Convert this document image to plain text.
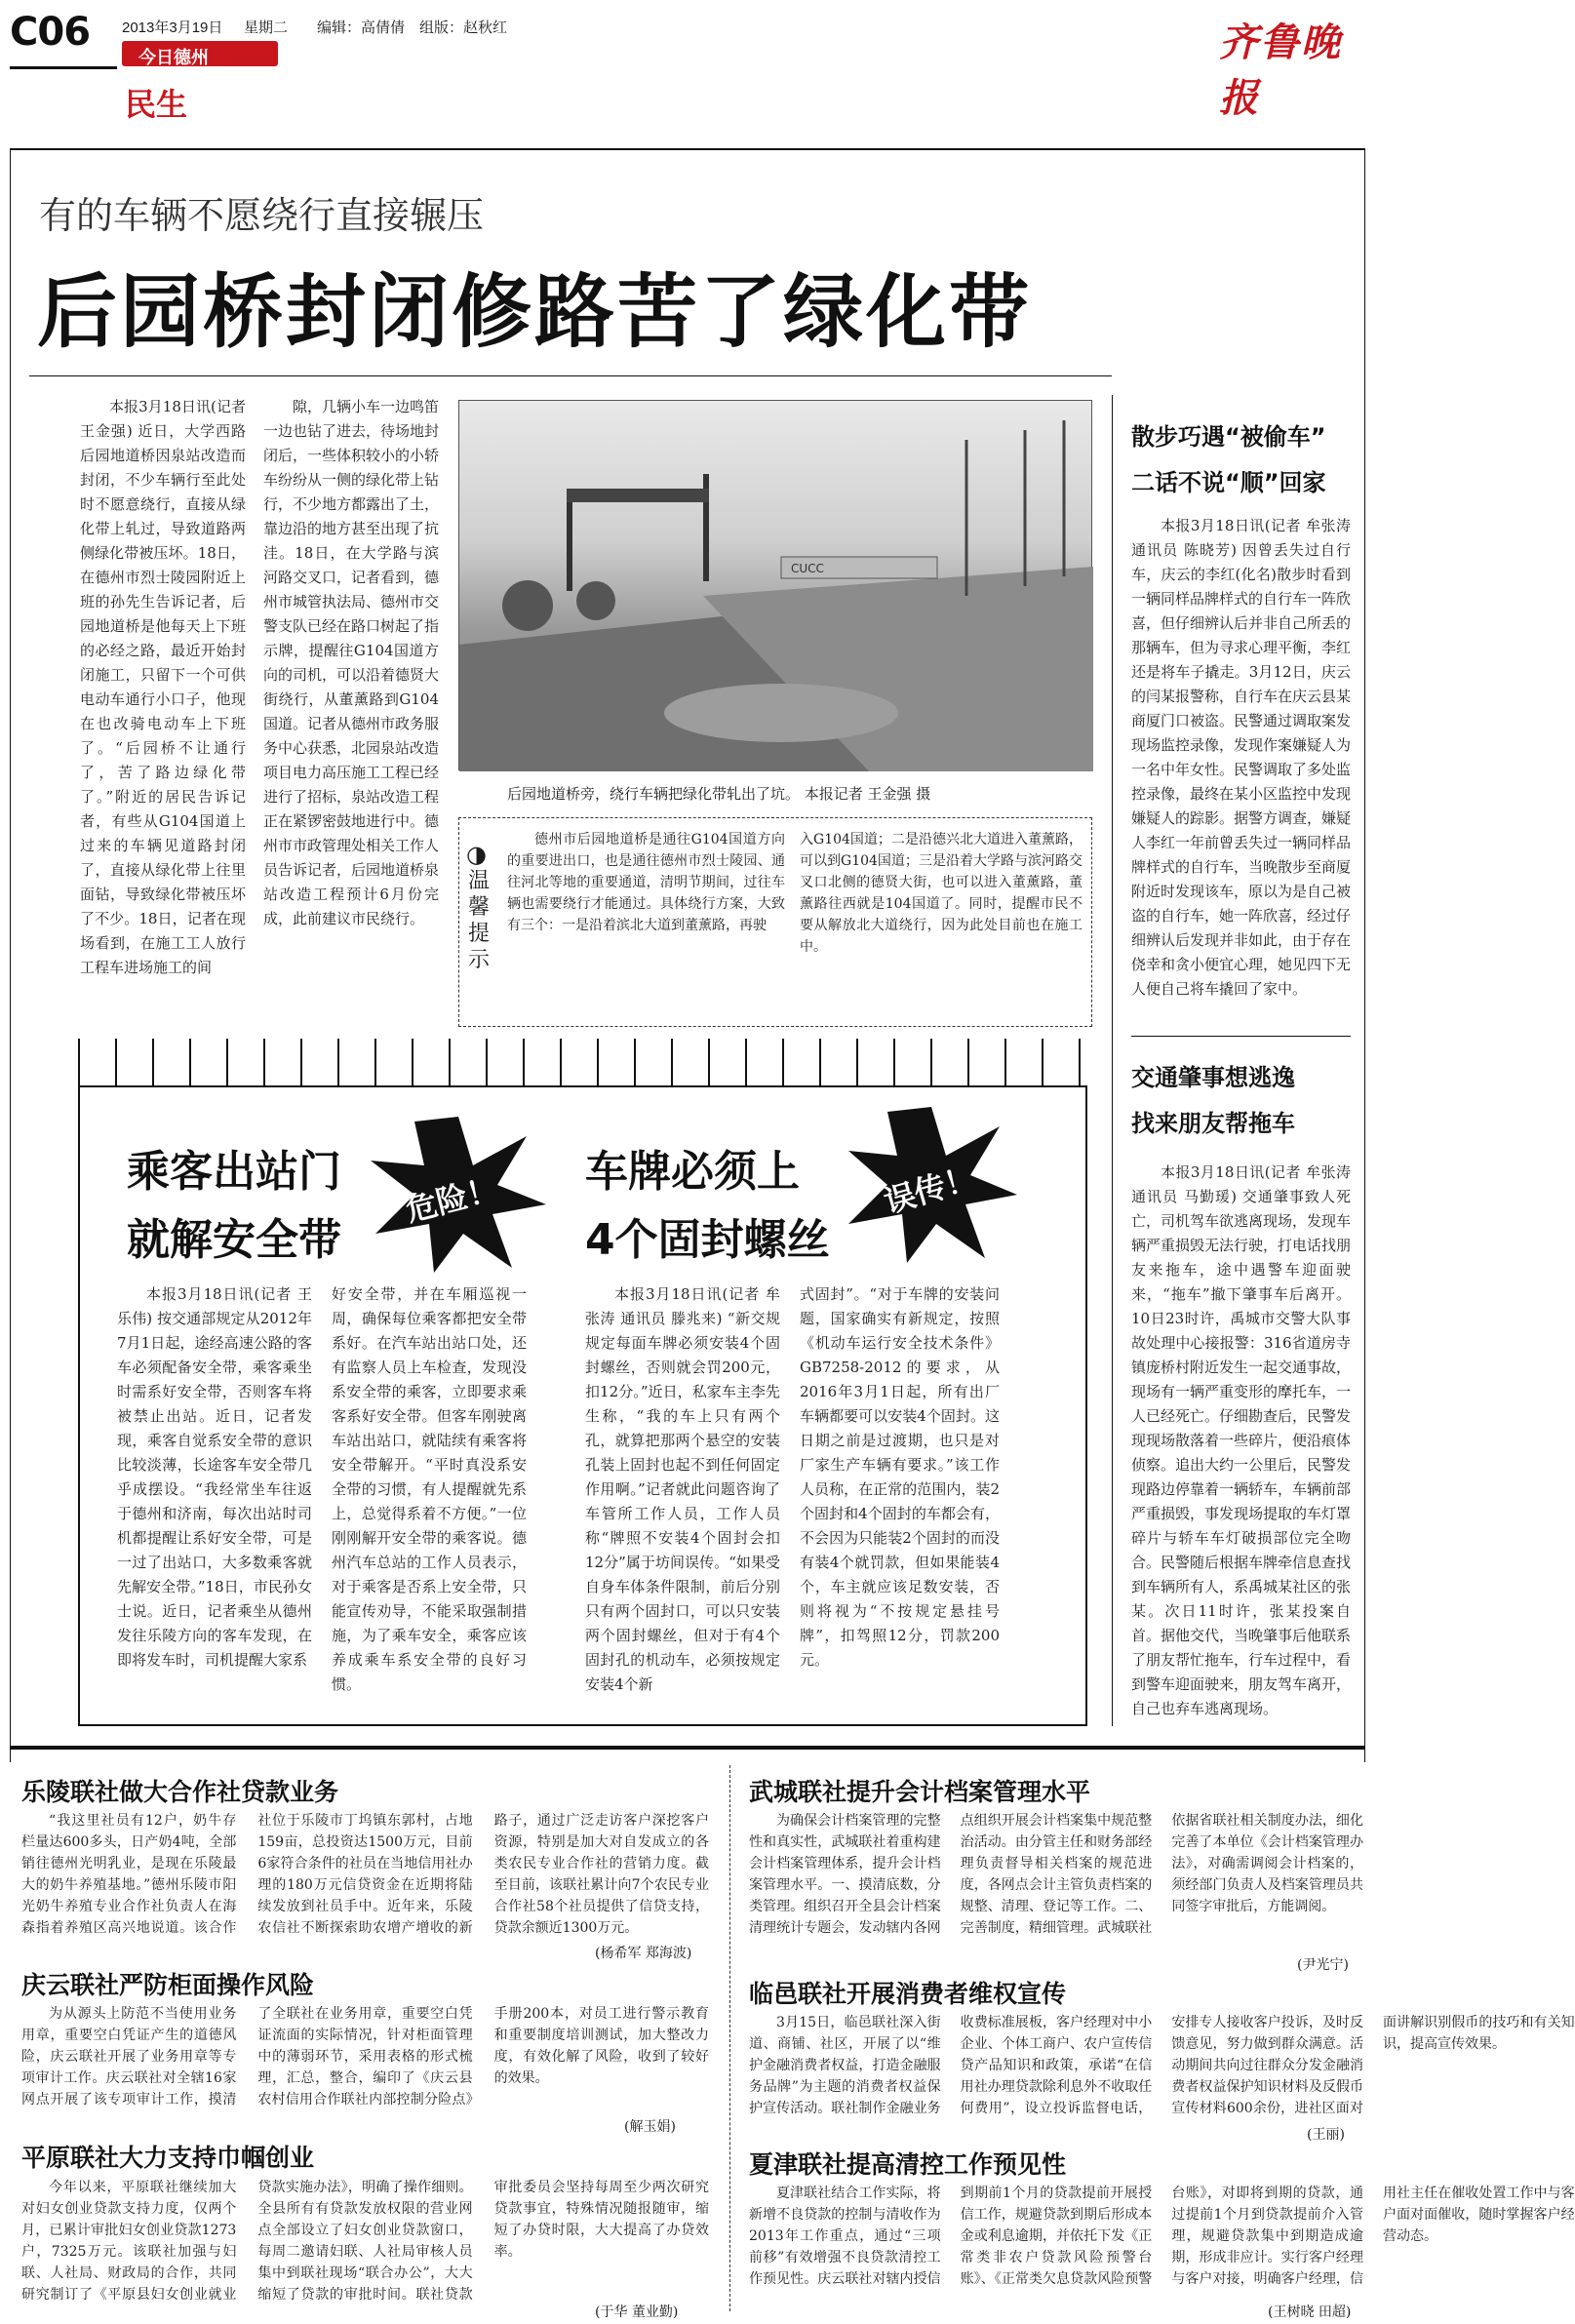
C06 2013年3月19日 星期二 编辑：高倩倩 组版：赵秋红
今日德州
民生
齐鲁晚报
有的车辆不愿绕行直接辗压
后园桥封闭修路苦了绿化带

本报3月18日讯(记者 王金强) 近日，大学西路后园地道桥因泉站改造而封闭，不少车辆行至此处时不愿意绕行，直接从绿化带上轧过，导致道路两侧绿化带被压坏。18日，在德州市烈士陵园附近上班的孙先生告诉记者，后园地道桥是他每天上下班的必经之路，最近开始封闭施工，只留下一个可供电动车通行小口子，他现在也改骑电动车上下班了。“后园桥不让通行了，苦了路边绿化带了。”附近的居民告诉记者，有些从G104国道上过来的车辆见道路封闭了，直接从绿化带上往里面钻，导致绿化带被压坏了不少。18日，记者在现场看到，在施工工人放行工程车进场施工的间

隙，几辆小车一边鸣笛一边也钻了进去，待场地封闭后，一些体积较小的小轿车纷纷从一侧的绿化带上钻行，不少地方都露出了土，靠边沿的地方甚至出现了抗洼。18日，在大学路与滨河路交叉口，记者看到，德州市城管执法局、德州市交警支队已经在路口树起了指示牌，提醒往G104国道方向的司机，可以沿着德贤大街绕行，从董薰路到G104国道。记者从德州市政务服务中心获悉，北园泉站改造项目电力高压施工工程已经进行了招标，泉站改造工程正在紧锣密鼓地进行中。德州市市政管理处相关工作人员告诉记者，后园地道桥泉站改造工程预计6月份完成，此前建议市民绕行。

CUCC
后园地道桥旁，绕行车辆把绿化带轧出了坑。 本报记者 王金强 摄
◑
温馨提示

德州市后园地道桥是通往G104国道方向的重要进出口，也是通往德州市烈士陵园、通往河北等地的重要通道，清明节期间，过往车辆也需要绕行才能通过。具体绕行方案，大致有三个：一是沿着滨北大道到董薰路，再驶

入G104国道；二是沿德兴北大道进入董薰路，可以到G104国道；三是沿着大学路与滨河路交叉口北侧的德贤大街，也可以进入董薰路，董薰路往西就是104国道了。同时，提醒市民不要从解放北大道绕行，因为此处目前也在施工中。

乘客出站门
就解安全带
危险！ 车牌必须上
4个固封螺丝
误传！

本报3月18日讯(记者 王乐伟) 按交通部规定从2012年7月1日起，途经高速公路的客车必须配备安全带，乘客乘坐时需系好安全带，否则客车将被禁止出站。近日，记者发现，乘客自觉系安全带的意识比较淡薄，长途客车安全带几乎成摆设。“我经常坐车往返于德州和济南，每次出站时司机都提醒让系好安全带，可是一过了出站口，大多数乘客就先解安全带。”18日，市民孙女士说。近日，记者乘坐从德州发往乐陵方向的客车发现，在即将发车时，司机提醒大家系

好安全带，并在车厢巡视一周，确保每位乘客都把安全带系好。在汽车站出站口处，还有监察人员上车检查，发现没系安全带的乘客，立即要求乘客系好安全带。但客车刚驶离车站出站口，就陆续有乘客将安全带解开。“平时真没系安全带的习惯，有人提醒就先系上，总觉得系着不方便。”一位刚刚解开安全带的乘客说。德州汽车总站的工作人员表示，对于乘客是否系上安全带，只能宣传劝导，不能采取强制措施，为了乘车安全，乘客应该养成乘车系安全带的良好习惯。

本报3月18日讯(记者 牟张涛 通讯员 滕兆来) “新交规规定每面车牌必须安装4个固封螺丝，否则就会罚200元，扣12分。”近日，私家车主李先生称，“我的车上只有两个孔，就算把那两个悬空的安装孔装上固封也起不到任何固定作用啊。”记者就此问题咨询了车管所工作人员，工作人员称“牌照不安装4个固封会扣12分”属于坊间误传。“如果受自身车体条件限制，前后分别只有两个固封口，可以只安装两个固封螺丝，但对于有4个固封孔的机动车，必须按规定安装4个新

式固封”。“对于车牌的安装问题，国家确实有新规定，按照《机动车运行安全技术条件》GB7258-2012的要求，从2016年3月1日起，所有出厂车辆都要可以安装4个固封。这日期之前是过渡期，也只是对厂家生产车辆有要求。”该工作人员称，在正常的范围内，装2个固封和4个固封的车都会有，不会因为只能装2个固封的而没有装4个就罚款，但如果能装4个，车主就应该足数安装，否则将视为“不按规定悬挂号牌”，扣驾照12分，罚款200元。

散步巧遇“被偷车”
二话不说“顺”回家

本报3月18日讯(记者 牟张涛 通讯员 陈晓芳) 因曾丢失过自行车，庆云的李红(化名)散步时看到一辆同样品牌样式的自行车一阵欣喜，但仔细辨认后并非自己所丢的那辆车，但为寻求心理平衡，李红还是将车子撬走。3月12日，庆云的闫某报警称，自行车在庆云县某商厦门口被盗。民警通过调取案发现场监控录像，发现作案嫌疑人为一名中年女性。民警调取了多处监控录像，最终在某小区监控中发现嫌疑人的踪影。据警方调查，嫌疑人李红一年前曾丢失过一辆同样品牌样式的自行车，当晚散步至商厦附近时发现该车，原以为是自己被盗的自行车，她一阵欣喜，经过仔细辨认后发现并非如此，由于存在侥幸和贪小便宜心理，她见四下无人便自己将车撬回了家中。

交通肇事想逃逸
找来朋友帮拖车

本报3月18日讯(记者 牟张涛 通讯员 马勤瑗) 交通肇事致人死亡，司机驾车欲逃离现场，发现车辆严重损毁无法行驶，打电话找朋友来拖车，途中遇警车迎面驶来，“拖车”撤下肇事车后离开。10日23时许，禹城市交警大队事故处理中心接报警：316省道房寺镇庞桥村附近发生一起交通事故，现场有一辆严重变形的摩托车，一人已经死亡。仔细勘查后，民警发现现场散落着一些碎片，便沿痕体侦察。追出大约一公里后，民警发现路边停靠着一辆轿车，车辆前部严重损毁，事发现场提取的车灯罩碎片与轿车车灯破损部位完全吻合。民警随后根据车牌牵信息查找到车辆所有人，系禹城某社区的张某。次日11时许，张某投案自首。据他交代，当晚肇事后他联系了朋友帮忙拖车，行车过程中，看到警车迎面驶来，朋友驾车离开，自己也弃车逃离现场。

乐陵联社做大合作社贷款业务

“我这里社员有12户，奶牛存栏量达600多头，日产奶4吨，全部销往德州光明乳业，是现在乐陵最大的奶牛养殖基地。”德州乐陵市阳光奶牛养殖专业合作社负责人在海森指着养殖区高兴地说道。该合作社位于乐陵市丁坞镇东郭村，占地159亩，总投资达1500万元，目前6家符合条件的社员在当地信用社办理的180万元信贷资金在近期将陆续发放到社员手中。近年来，乐陵农信社不断探索助农增产增收的新路子，通过广泛走访客户深挖客户资源，特别是加大对自发成立的各类农民专业合作社的营销力度。截至目前，该联社累计向7个农民专业合作社58个社员提供了信贷支持，贷款余额近1300万元。

(杨希军 郑海波)
庆云联社严防柜面操作风险

为从源头上防范不当使用业务用章，重要空白凭证产生的道德风险，庆云联社开展了业务用章等专项审计工作。庆云联社对全辖16家网点开展了该专项审计工作，摸清了全联社在业务用章，重要空白凭证流面的实际情况，针对柜面管理中的薄弱环节，采用表格的形式梳理，汇总，整合，编印了《庆云县农村信用合作联社内部控制分险点》手册200本，对员工进行警示教育和重要制度培训测试，加大整改力度，有效化解了风险，收到了较好的效果。

(解玉娟)
平原联社大力支持巾帼创业

今年以来，平原联社继续加大对妇女创业贷款支持力度，仅两个月，已累计审批妇女创业贷款1273户，7325万元。该联社加强与妇联、人社局、财政局的合作，共同研究制订了《平原县妇女创业就业贷款实施办法》，明确了操作细则。全县所有有贷款发放权限的营业网点全部设立了妇女创业贷款窗口，每周二邀请妇联、人社局审核人员集中到联社现场“联合办公”，大大缩短了贷款的审批时间。联社贷款审批委员会坚持每周至少两次研究贷款事宜，特殊情况随报随审，缩短了办贷时限，大大提高了办贷效率。

(于华 董业勤)
武城联社提升会计档案管理水平

为确保会计档案管理的完整性和真实性，武城联社着重构建会计档案管理体系，提升会计档案管理水平。一、摸清底数，分类管理。组织召开全县会计档案清理统计专题会，发动辖内各网点组织开展会计档案集中规范整治活动。由分管主任和财务部经理负责督导相关档案的规范进度，各网点会计主管负责档案的规整、清理、登记等工作。二、完善制度，精细管理。武城联社依据省联社相关制度办法，细化完善了本单位《会计档案管理办法》，对确需调阅会计档案的，须经部门负责人及档案管理员共同签字审批后，方能调阅。

(尹光宁)
临邑联社开展消费者维权宣传

3月15日，临邑联社深入街道、商铺、社区，开展了以“维护金融消费者权益，打造金融服务品牌”为主题的消费者权益保护宣传活动。联社制作金融业务收费标准展板，客户经理对中小企业、个体工商户、农户宣传信贷产品知识和政策，承诺“在信用社办理贷款除利息外不收取任何费用”，设立投诉监督电话，安排专人接收客户投诉，及时反馈意见，努力做到群众满意。活动期间共向过往群众分发金融消费者权益保护知识材料及反假币宣传材料600余份，进社区面对面讲解识别假币的技巧和有关知识，提高宣传效果。

(王丽)
夏津联社提高清控工作预见性

夏津联社结合工作实际，将新增不良贷款的控制与清收作为2013年工作重点，通过“三项前移”有效增强不良贷款清控工作预见性。庆云联社对辖内授信到期前1个月的贷款提前开展授信工作，规避贷款到期后形成本金或利息逾期，并依托下发《正常类非农户贷款风险预警台账》、《正常类欠息贷款风险预警台账》，对即将到期的贷款，通过提前1个月到贷款提前介入管理，规避贷款集中到期造成逾期，形成非应计。实行客户经理与客户对接，明确客户经理，信用社主任在催收处置工作中与客户面对面催收，随时掌握客户经营动态。

(王树晓 田超)
